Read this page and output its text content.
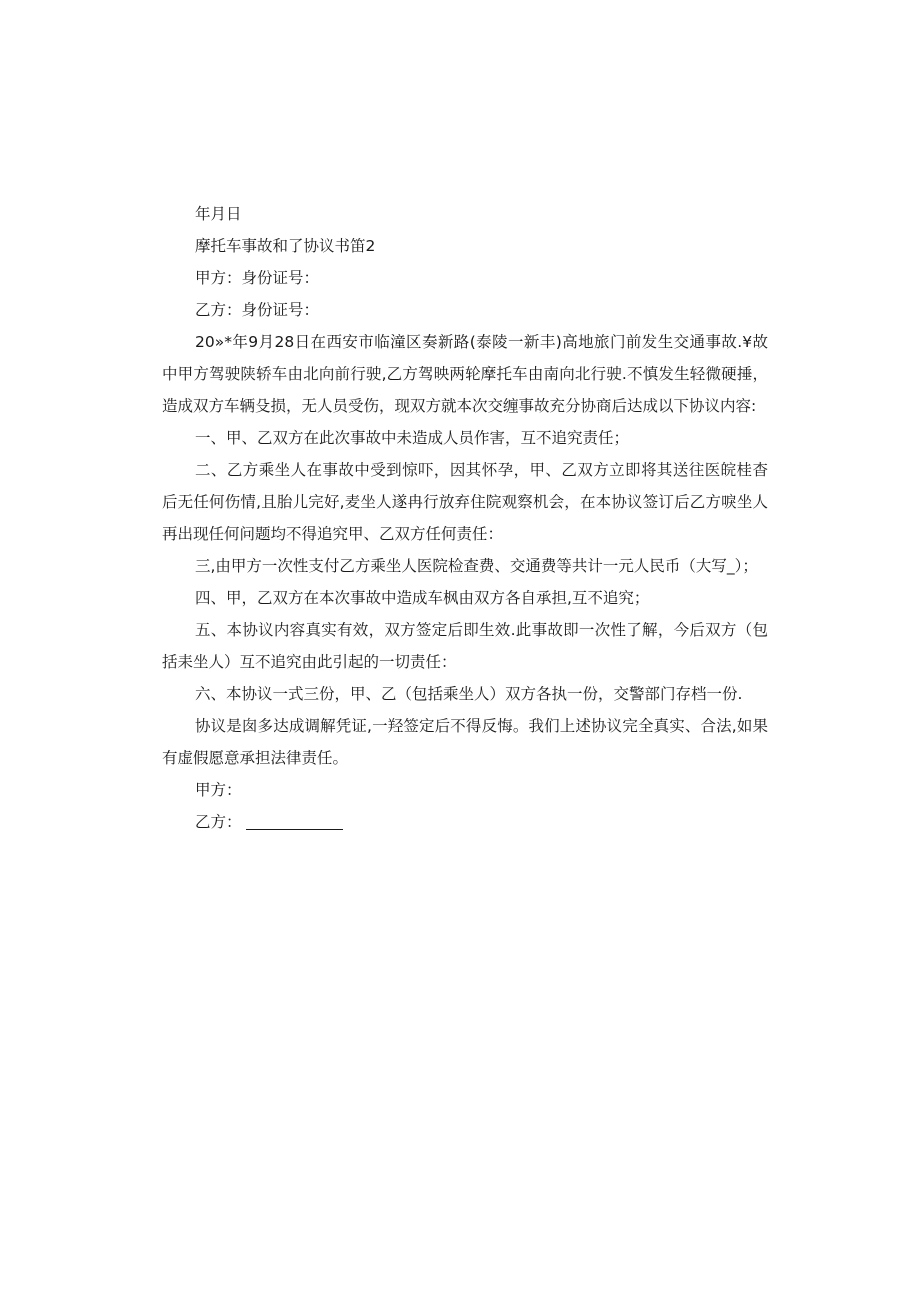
年月日
摩托车事故和了协议书笛2
甲方：身份证号：
乙方：身份证号：

20»*年9月28日在西安市临潼区奏新路(泰陵一新丰)高地旅门前发生交通事故.¥故中甲方驾驶陕轿车由北向前行驶,乙方驾映两轮摩托车由南向北行驶.不慎发生轻微硬捶，造成双方车辆殳损，无人员受伤，现双方就本次交缠事故充分协商后达成以下协议内容:

一、甲、乙双方在此次事故中未造成人员作害，互不追究责任；

二、乙方乘坐人在事故中受到惊吓，因其怀孕，甲、乙双方立即将其送往医皖桂杳后无任何伤情,且胎儿完好,麦坐人遂冉行放弃住院观察机会，在本协议签订后乙方唳坐人再出现任何问题均不得追究甲、乙双方任何责任：

三,由甲方一次性支付乙方乘坐人医院检查费、交通费等共计一元人民币（大写_）；

四、甲，乙双方在本次事故中造成车枫由双方各自承担,互不追究；

五、本协议内容真实有效，双方签定后即生效.此事故即一次性了解，今后双方（包括耒坐人）互不追究由此引起的一切责任：

六、本协议一式三份，甲、乙（包括乘坐人）双方各执一份，交警部门存档一份.

协议是囱多达成调解凭证,一羟签定后不得反悔。我们上述协议完全真实、合法,如果有虚假愿意承担法律责任。

甲方：
乙方：
